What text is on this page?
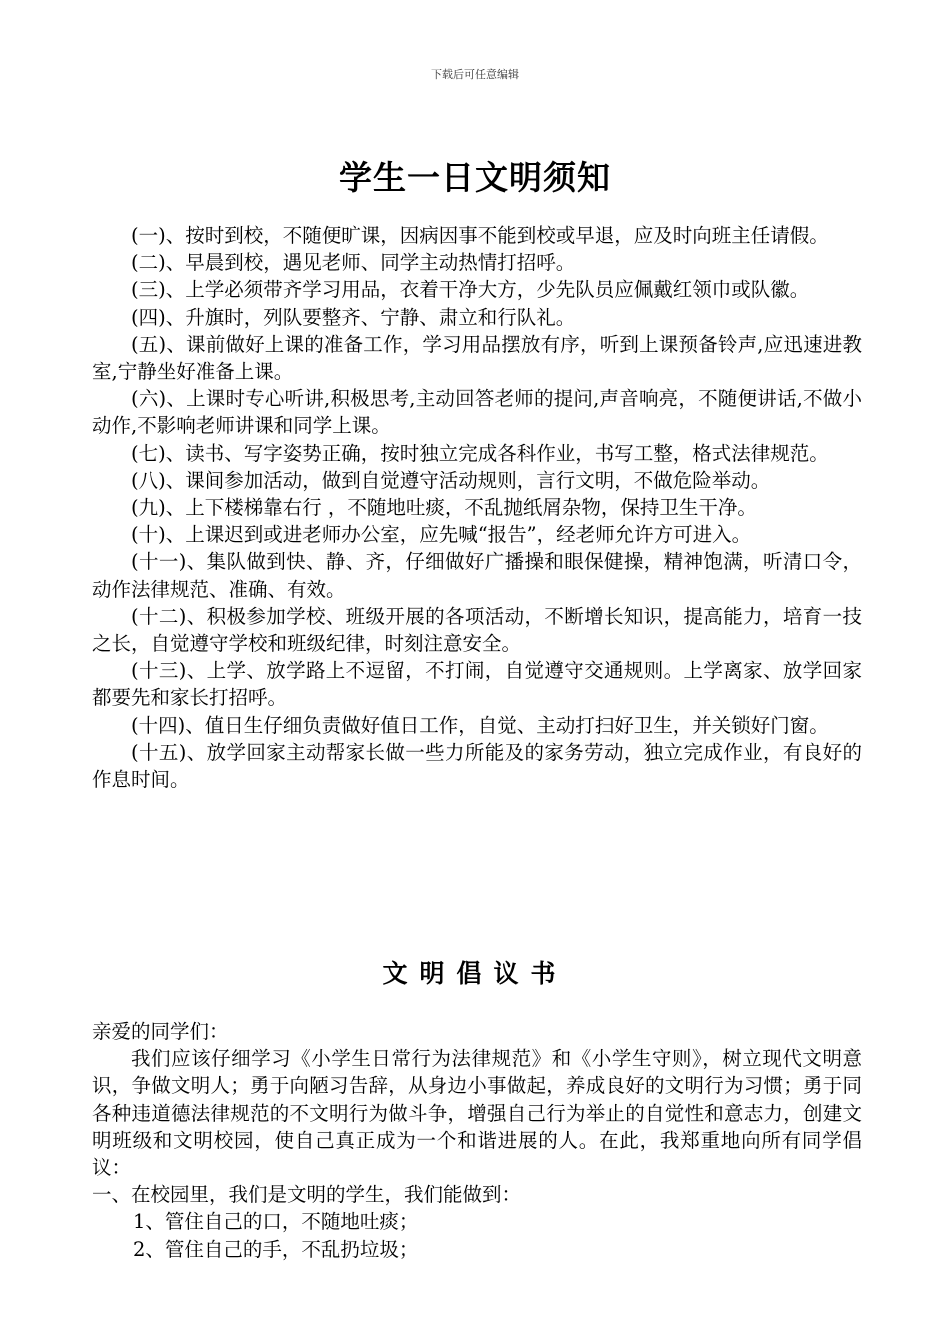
下载后可任意编辑
学生一日文明须知

(一)、按时到校，不随便旷课，因病因事不能到校或早退，应及时向班主任请假。

(二)、早晨到校，遇见老师、同学主动热情打招呼。

(三)、上学必须带齐学习用品，衣着干净大方，少先队员应佩戴红领巾或队徽。

(四)、升旗时，列队要整齐、宁静、肃立和行队礼。

(五)、课前做好上课的准备工作，学习用品摆放有序，听到上课预备铃声,应迅速进教室,宁静坐好准备上课。

(六)、上课时专心听讲,积极思考,主动回答老师的提问,声音响亮，不随便讲话,不做小动作,不影响老师讲课和同学上课。

(七)、读书、写字姿势正确，按时独立完成各科作业，书写工整，格式法律规范。

(八)、课间参加活动，做到自觉遵守活动规则，言行文明，不做危险举动。

(九)、上下楼梯靠右行 ，不随地吐痰，不乱抛纸屑杂物，保持卫生干净。

(十)、上课迟到或进老师办公室，应先喊“报告”，经老师允许方可进入。

(十一)、集队做到快、静、齐，仔细做好广播操和眼保健操，精神饱满，听清口令，动作法律规范、准确、有效。

(十二)、积极参加学校、班级开展的各项活动，不断增长知识，提高能力，培育一技之长，自觉遵守学校和班级纪律，时刻注意安全。

(十三)、上学、放学路上不逗留，不打闹，自觉遵守交通规则。上学离家、放学回家都要先和家长打招呼。

(十四)、值日生仔细负责做好值日工作，自觉、主动打扫好卫生，并关锁好门窗。

(十五)、放学回家主动帮家长做一些力所能及的家务劳动，独立完成作业，有良好的作息时间。

文明倡议书

亲爱的同学们：

我们应该仔细学习《小学生日常行为法律规范》和《小学生守则》，树立现代文明意识，争做文明人；勇于向陋习告辞，从身边小事做起，养成良好的文明行为习惯；勇于同各种违道德法律规范的不文明行为做斗争，增强自己行为举止的自觉性和意志力，创建文明班级和文明校园，使自己真正成为一个和谐进展的人。在此，我郑重地向所有同学倡议：

一、在校园里，我们是文明的学生，我们能做到：

1、管住自己的口，不随地吐痰；

2、管住自己的手，不乱扔垃圾；
